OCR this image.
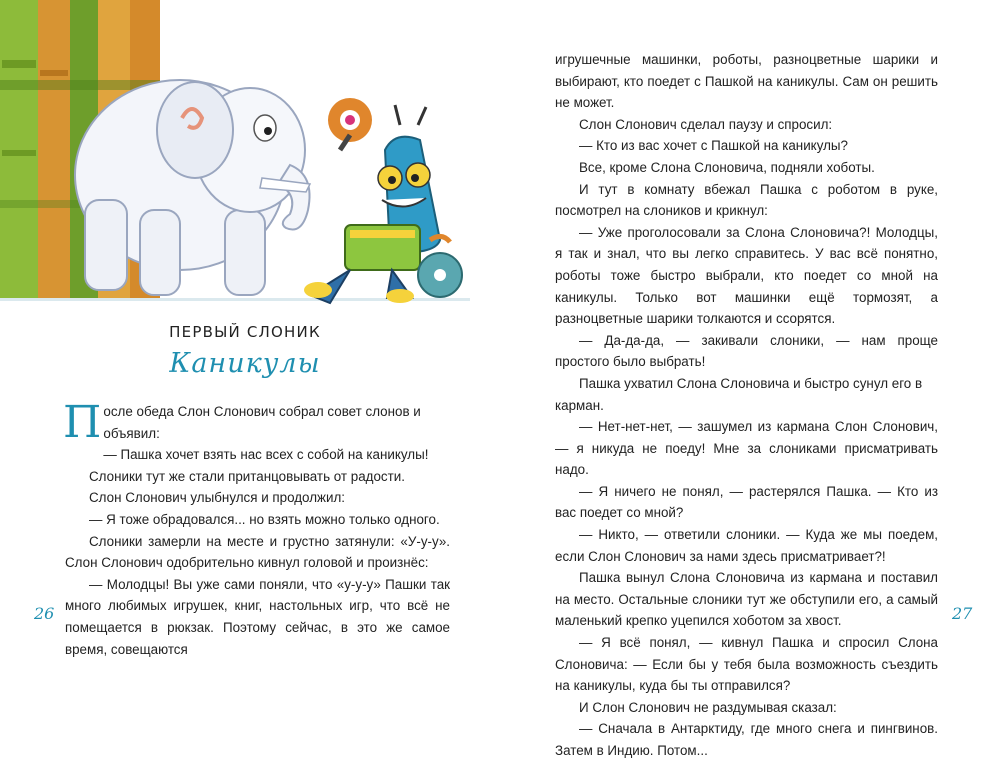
ПЕРВЫЙ СЛОНИК
Каникулы
П осле обеда Слон Слонович собрал совет слонов и объявил:

— Пашка хочет взять нас всех с собой на каникулы!

Слоники тут же стали пританцовывать от радости.

Слон Слонович улыбнулся и продолжил:

— Я тоже обрадовался... но взять можно только одного.

Слоники замерли на месте и грустно затянули: «У-у-у». Слон Слонович одобрительно кивнул головой и произнёс:

— Молодцы! Вы уже сами поняли, что «у-у-у» Пашки так много любимых игрушек, книг, настольных игр, что всё не помещается в рюкзак. Поэтому сейчас, в это же самое время, совещаются

26

игрушечные машинки, роботы, разноцветные шарики и выбирают, кто поедет с Пашкой на каникулы. Сам он решить не может.

Слон Слонович сделал паузу и спросил:

— Кто из вас хочет с Пашкой на каникулы?

Все, кроме Слона Слоновича, подняли хоботы.

И тут в комнату вбежал Пашка с роботом в руке, посмотрел на слоников и крикнул:

— Уже проголосовали за Слона Слоновича?! Молодцы, я так и знал, что вы легко справитесь. У вас всё понятно, роботы тоже быстро выбрали, кто поедет со мной на каникулы. Только вот машинки ещё тормозят, а разноцветные шарики толкаются и ссорятся.

— Да-да-да, — закивали слоники, — нам проще простого было выбрать!

Пашка ухватил Слона Слоновича и быстро сунул его в карман.

— Нет-нет-нет, — зашумел из кармана Слон Слонович, — я никуда не поеду! Мне за слониками присматривать надо.

— Я ничего не понял, — растерялся Пашка. — Кто из вас поедет со мной?

— Никто, — ответили слоники. — Куда же мы поедем, если Слон Слонович за нами здесь присматривает?!

Пашка вынул Слона Слоновича из кармана и поставил на место. Остальные слоники тут же обступили его, а самый маленький крепко уцепился хоботом за хвост.

— Я всё понял, — кивнул Пашка и спросил Слона Слоновича: — Если бы у тебя была возможность съездить на каникулы, куда бы ты отправился?

И Слон Слонович не раздумывая сказал:

— Сначала в Антарктиду, где много снега и пингвинов. Затем в Индию. Потом...

27
